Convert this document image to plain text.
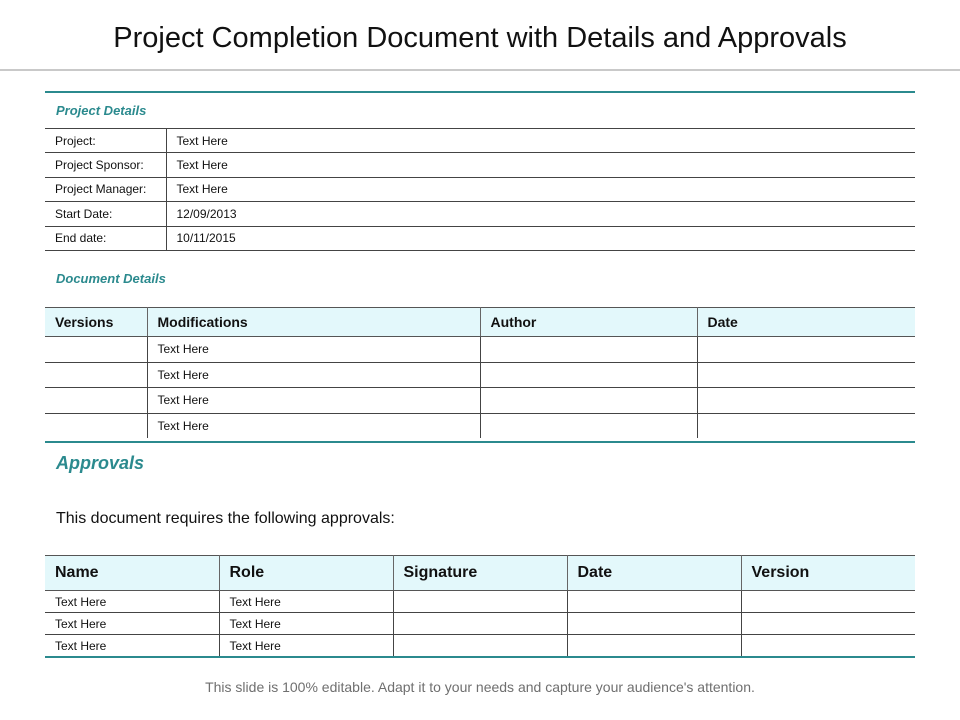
Project Completion Document with Details and Approvals
Project Details
Project:	Text Here
Project Sponsor:	Text Here
Project Manager:	Text Here
Start Date:	12/09/2013
End date:	10/11/2015
Document Details
Versions	Modifications	Author	Date
	Text Here		
	Text Here		
	Text Here		
	Text Here		
Approvals
This document requires the following approvals:
Name	Role	Signature	Date	Version
Text Here	Text Here			
Text Here	Text Here			
Text Here	Text Here			
This slide is 100% editable. Adapt it to your needs and capture your audience's attention.
